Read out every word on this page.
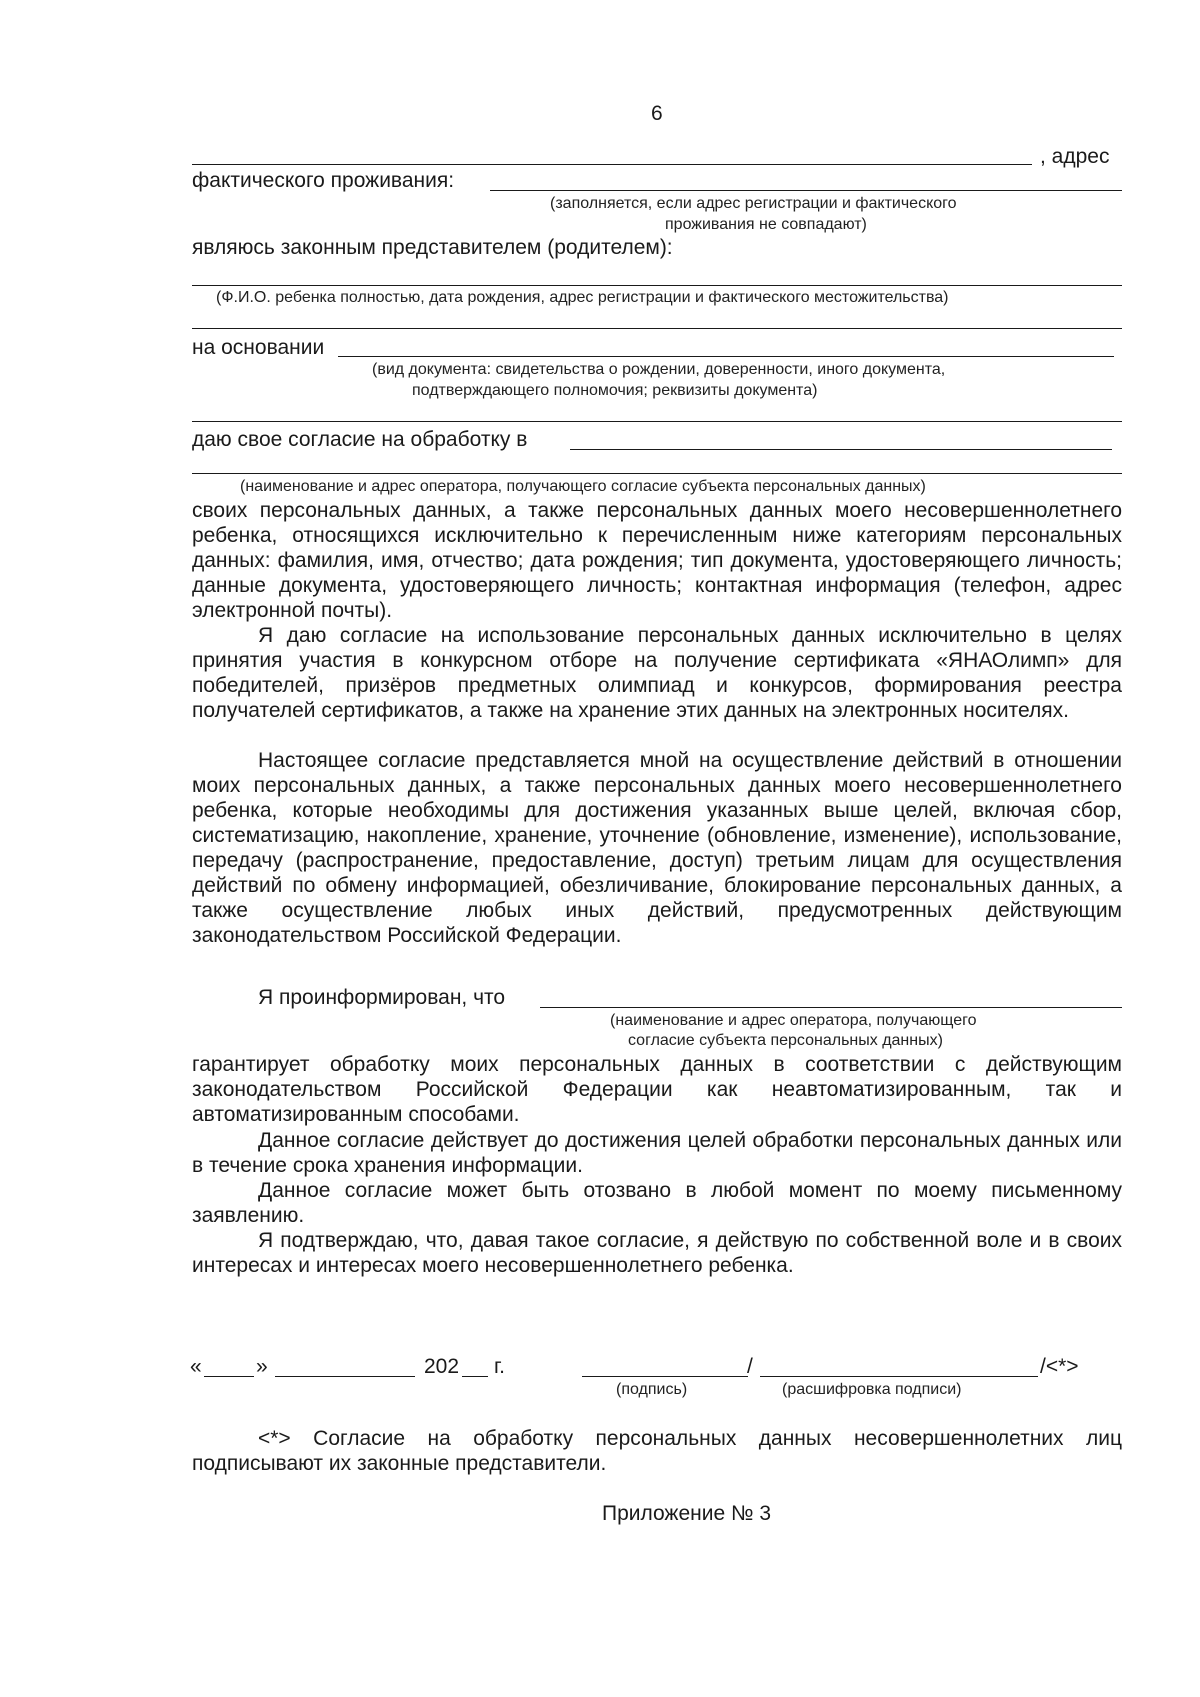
6
, адрес
фактического проживания:
(заполняется, если адрес регистрации и фактического
проживания не совпадают)
являюсь законным представителем (родителем):
(Ф.И.О. ребенка полностью, дата рождения, адрес регистрации и фактического местожительства)
на основании
(вид документа: свидетельства о рождении, доверенности, иного документа,
подтверждающего полномочия; реквизиты документа)
даю свое согласие на обработку в
(наименование и адрес оператора, получающего согласие субъекта персональных данных)
своих персональных данных, а также персональных данных моего несовершеннолетнего ребенка, относящихся исключительно к перечисленным ниже категориям персональных данных: фамилия, имя, отчество; дата рождения; тип документа, удостоверяющего личность; данные документа, удостоверяющего личность; контактная информация (телефон, адрес электронной почты).
Я даю согласие на использование персональных данных исключительно в целях принятия участия в конкурсном отборе на получение сертификата «ЯНАОлимп» для победителей, призёров предметных олимпиад и конкурсов, формирования реестра получателей сертификатов, а также на хранение этих данных на электронных носителях.
Настоящее согласие представляется мной на осуществление действий в отношении моих персональных данных, а также персональных данных моего несовершеннолетнего ребенка, которые необходимы для достижения указанных выше целей, включая сбор, систематизацию, накопление, хранение, уточнение (обновление, изменение), использование, передачу (распространение, предоставление, доступ) третьим лицам для осуществления действий по обмену информацией, обезличивание, блокирование персональных данных, а также осуществление любых иных действий, предусмотренных действующим законодательством Российской Федерации.
Я проинформирован, что
(наименование и адрес оператора, получающего
согласие субъекта персональных данных)
гарантирует обработку моих персональных данных в соответствии с действующим законодательством Российской Федерации как неавтоматизированным, так и автоматизированным способами.
Данное согласие действует до достижения целей обработки персональных данных или в течение срока хранения информации.
Данное согласие может быть отозвано в любой момент по моему письменному заявлению.
Я подтверждаю, что, давая такое согласие, я действую по собственной воле и в своих интересах и интересах моего несовершеннолетнего ребенка.
«	»	202 г.	/	/<*>
(подпись)	(расшифровка подписи)
<*> Согласие на обработку персональных данных несовершеннолетних лиц подписывают их законные представители.
Приложение № 3
